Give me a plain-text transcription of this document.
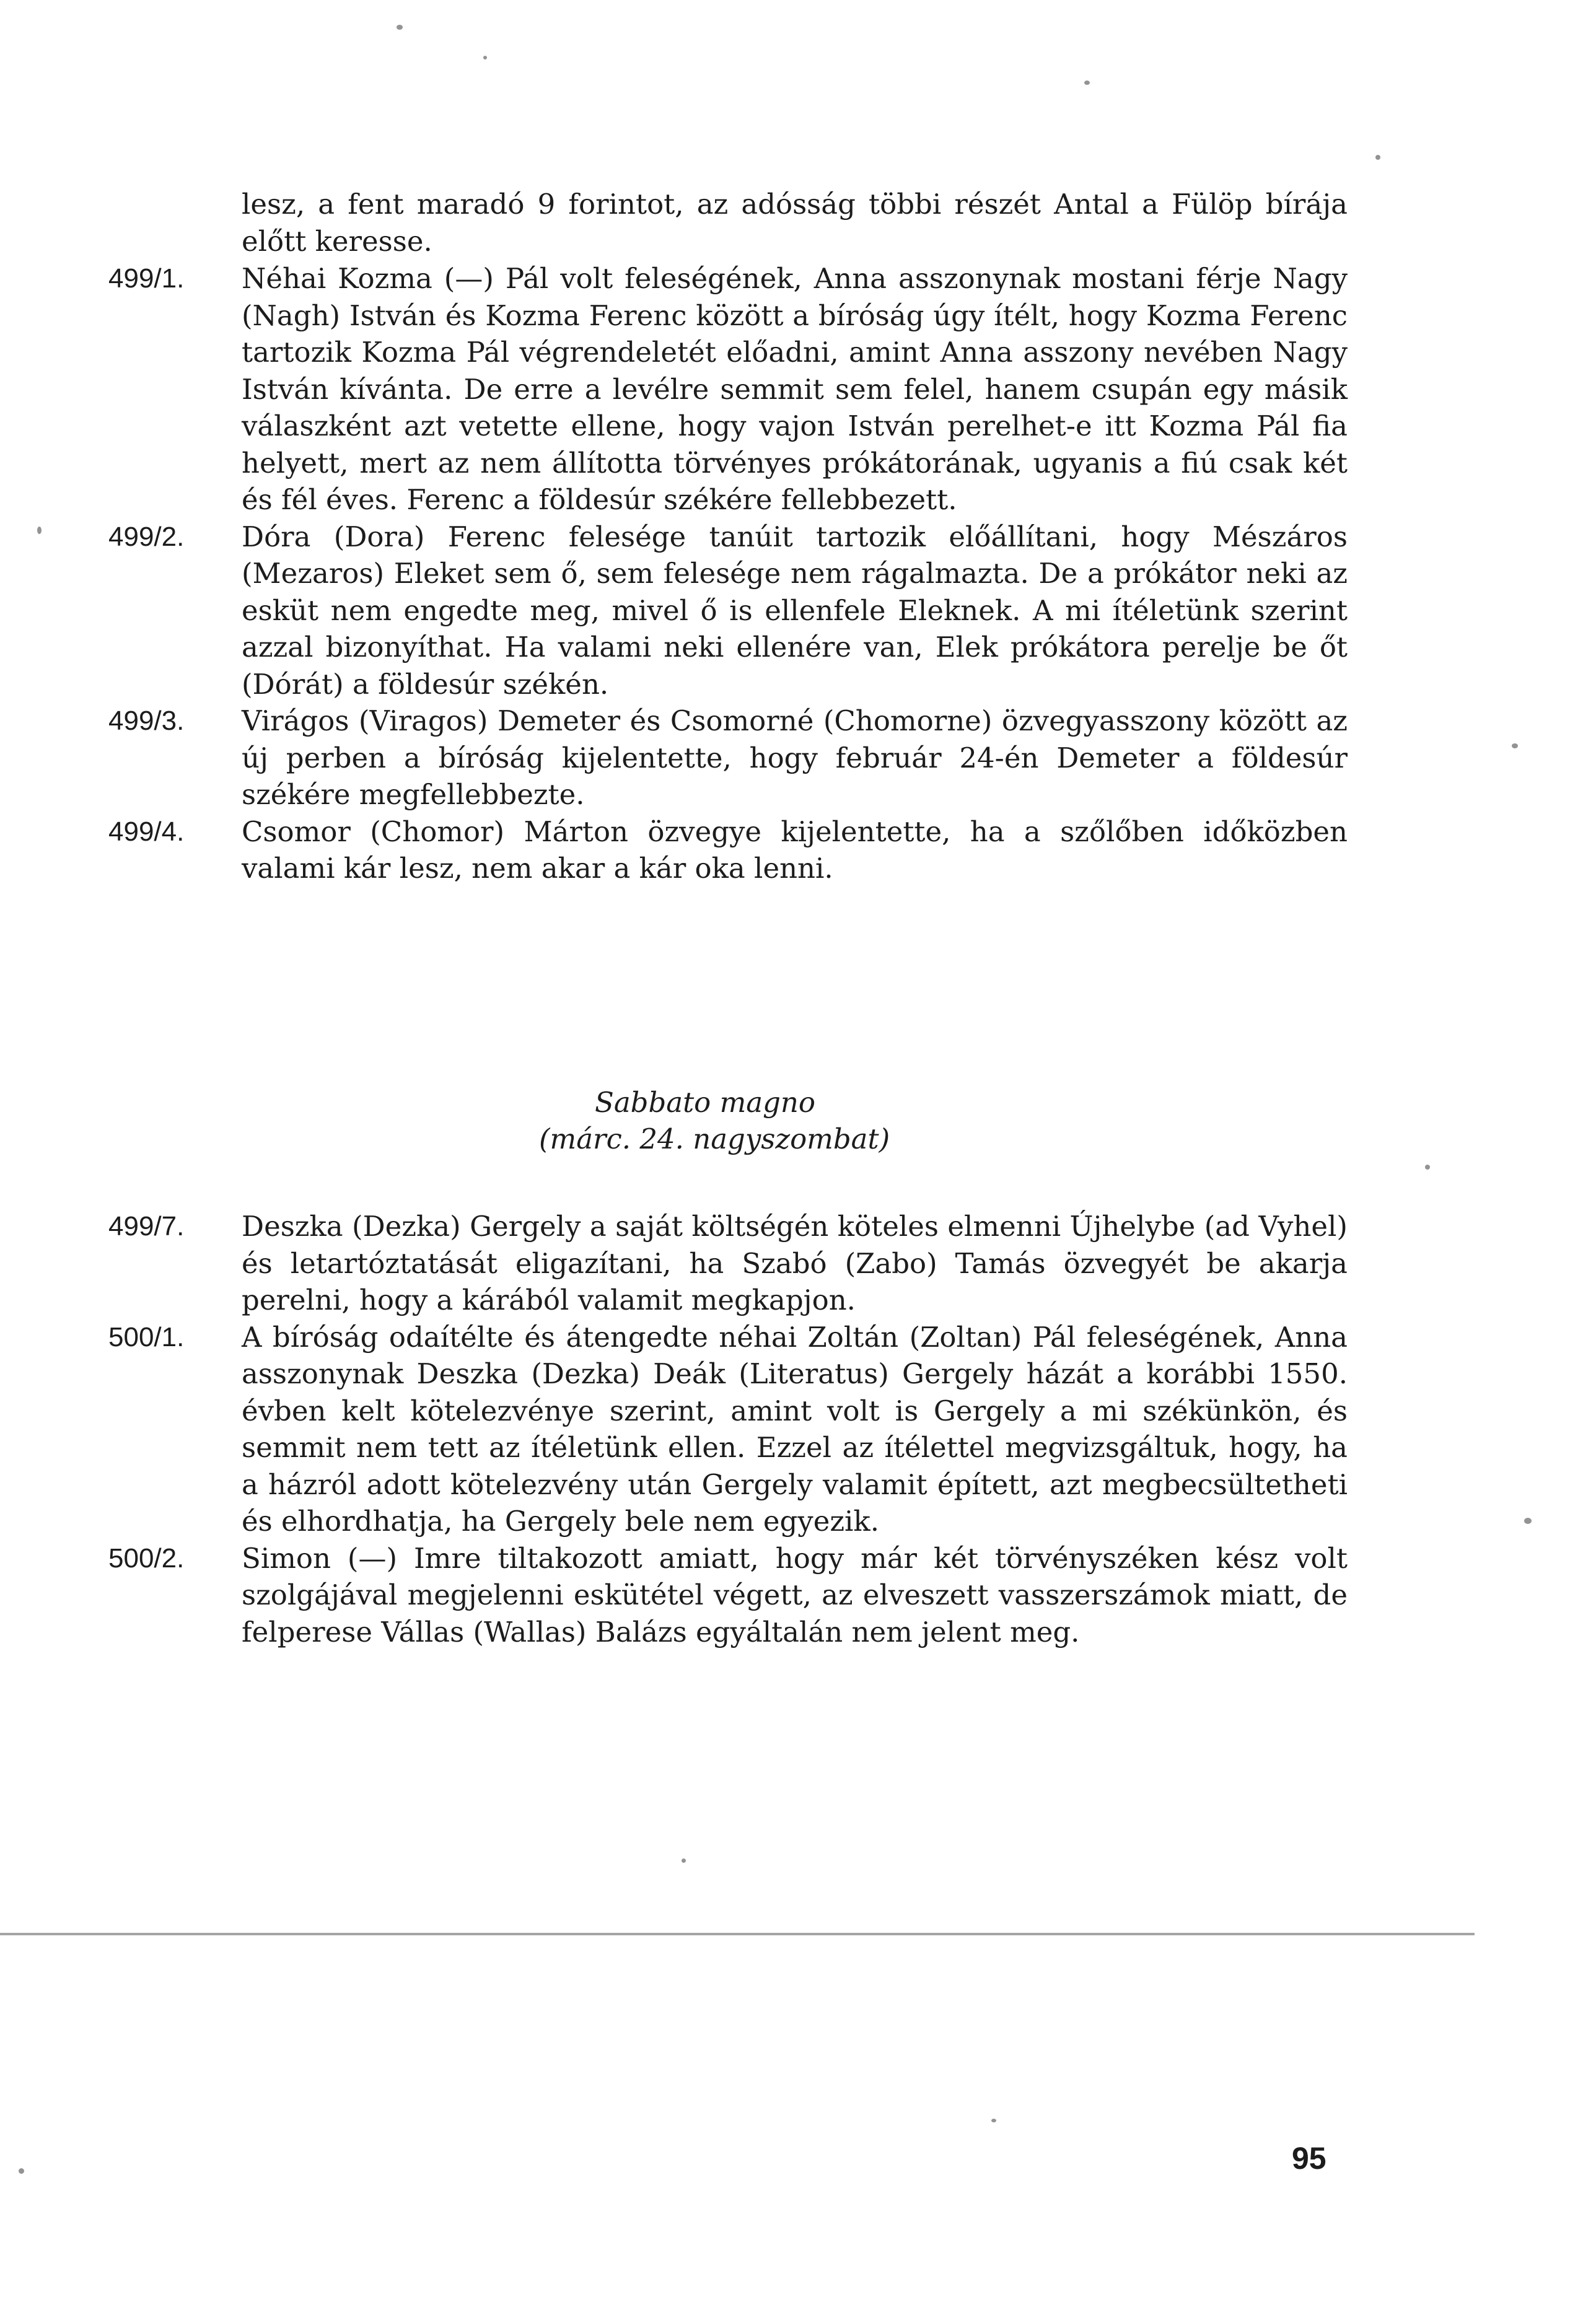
lesz, a fent maradó 9 forintot, az adósság többi részét Antal a Fülöp bírája előtt keresse.
499/1.	Néhai Kozma (—) Pál volt feleségének, Anna asszonynak mostani férje Nagy (Nagh) István és Kozma Ferenc között a bíróság úgy ítélt, hogy Kozma Ferenc tartozik Kozma Pál végrendeletét előadni, amint Anna asszony nevében Nagy István kívánta. De erre a levélre semmit sem felel, hanem csupán egy másik válaszként azt vetette ellene, hogy vajon István perelhet-e itt Kozma Pál fia helyett, mert az nem állította törvényes prókátorának, ugyanis a fiú csak két és fél éves. Ferenc a földesúr székére fellebbezett.
499/2.	Dóra (Dora) Ferenc felesége tanúit tartozik előállítani, hogy Mészáros (Mezaros) Eleket sem ő, sem felesége nem rágalmazta. De a prókátor neki az esküt nem engedte meg, mivel ő is ellenfele Eleknek. A mi ítéletünk szerint azzal bizonyíthat. Ha valami neki ellenére van, Elek prókátora perelje be őt (Dórát) a földesúr székén.
499/3.	Virágos (Viragos) Demeter és Csomorné (Chomorne) özvegyasszony között az új perben a bíróság kijelentette, hogy február 24-én Demeter a földesúr székére megfellebbezte.
499/4.	Csomor (Chomor) Márton özvegye kijelentette, ha a szőlőben időközben valami kár lesz, nem akar a kár oka lenni.
Sabbato magno
(márc. 24. nagyszombat)
499/7.	Deszka (Dezka) Gergely a saját költségén köteles elmenni Újhelybe (ad Vyhel) és letartóztatását eligazítani, ha Szabó (Zabo) Tamás özvegyét be akarja perelni, hogy a kárából valamit megkapjon.
500/1.	A bíróság odaítélte és átengedte néhai Zoltán (Zoltan) Pál feleségének, Anna asszonynak Deszka (Dezka) Deák (Literatus) Gergely házát a korábbi 1550. évben kelt kötelezvénye szerint, amint volt is Gergely a mi székünkön, és semmit nem tett az ítéletünk ellen. Ezzel az ítélettel megvizsgáltuk, hogy, ha a házról adott kötelezvény után Gergely valamit épített, azt megbecsültetheti és elhordhatja, ha Gergely bele nem egyezik.
500/2.	Simon (—) Imre tiltakozott amiatt, hogy már két törvényszéken kész volt szolgájával megjelenni eskütétel végett, az elveszett vasszerszámok miatt, de felperese Vállas (Wallas) Balázs egyáltalán nem jelent meg.
95
